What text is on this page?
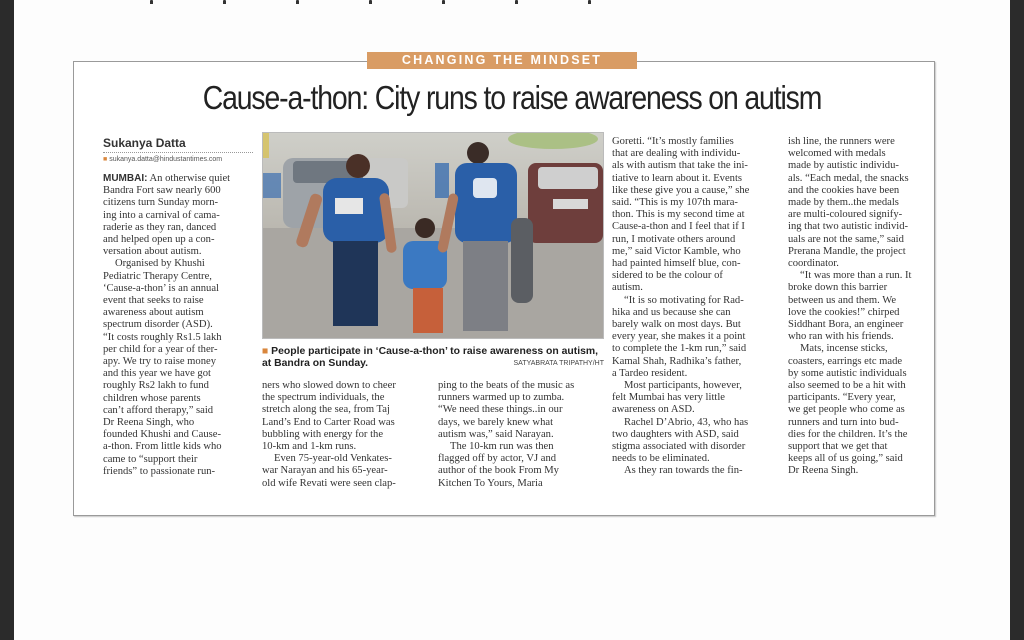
CHANGING THE MINDSET
Cause-a-thon: City runs to raise awareness on autism
Sukanya Datta
■ sukanya.datta@hindustantimes.com
MUMBAI: An otherwise quiet
Bandra Fort saw nearly 600
citizens turn Sunday morn-
ing into a carnival of cama-
raderie as they ran, danced
and helped open up a con-
versation about autism.
Organised by Khushi
Pediatric Therapy Centre,
‘Cause-a-thon’ is an annual
event that seeks to raise
awareness about autism
spectrum disorder (ASD).
“It costs roughly Rs1.5 lakh
per child for a year of ther-
apy. We try to raise money
and this year we have got
roughly Rs2 lakh to fund
children whose parents
can’t afford therapy,” said
Dr Reena Singh, who
founded Khushi and Cause-
a-thon. From little kids who
came to “support their
friends” to passionate run-
ners who slowed down to cheer
the spectrum individuals, the
stretch along the sea, from Taj
Land’s End to Carter Road was
bubbling with energy for the
10-km and 1-km runs.
Even 75-year-old Venkates-
war Narayan and his 65-year-
old wife Revati were seen clap-
ping to the beats of the music as
runners warmed up to zumba.
“We need these things..in our
days, we barely knew what
autism was,” said Narayan.
The 10-km run was then
flagged off by actor, VJ and
author of the book From My
Kitchen To Yours, Maria
Goretti. “It’s mostly families
that are dealing with individu-
als with autism that take the ini-
tiative to learn about it. Events
like these give you a cause,” she
said. “This is my 107th mara-
thon. This is my second time at
Cause-a-thon and I feel that if I
run, I motivate others around
me,” said Victor Kamble, who
had painted himself blue, con-
sidered to be the colour of
autism.
“It is so motivating for Rad-
hika and us because she can
barely walk on most days. But
every year, she makes it a point
to complete the 1-km run,” said
Kamal Shah, Radhika’s father,
a Tardeo resident.
Most participants, however,
felt Mumbai has very little
awareness on ASD.
Rachel D’Abrio, 43, who has
two daughters with ASD, said
stigma associated with disorder
needs to be eliminated.
As they ran towards the fin-
ish line, the runners were
welcomed with medals
made by autistic individu-
als. “Each medal, the snacks
and the cookies have been
made by them..the medals
are multi-coloured signify-
ing that two autistic individ-
uals are not the same,” said
Prerana Mandle, the project
coordinator.
“It was more than a run. It
broke down this barrier
between us and them. We
love the cookies!” chirped
Siddhant Bora, an engineer
who ran with his friends.
Mats, incense sticks,
coasters, earrings etc made
by some autistic individuals
also seemed to be a hit with
participants. “Every year,
we get people who come as
runners and turn into bud-
dies for the children. It’s the
support that we get that
keeps all of us going,” said
Dr Reena Singh.
■ People participate in ‘Cause-a-thon’ to raise awareness on autism, at Bandra on Sunday.	SATYABRATA TRIPATHY/HT
